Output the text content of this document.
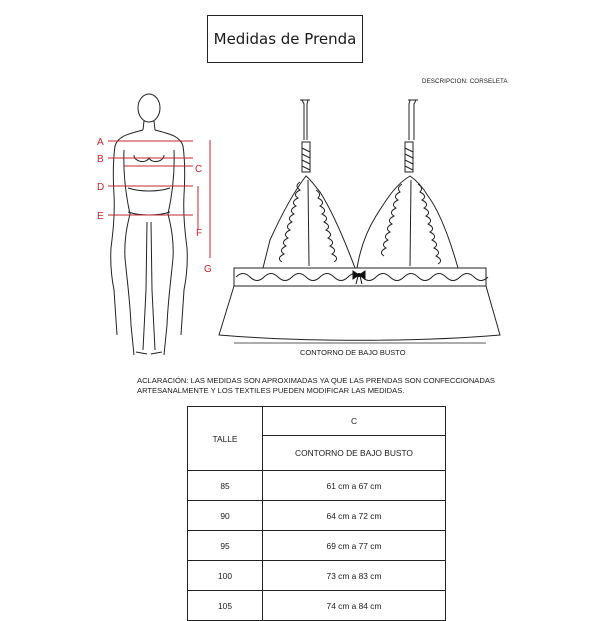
Medidas de Prenda
DESCRIPCION: CORSELETA
A
B
C
D
E
F
G
CONTORNO DE BAJO BUSTO
ACLARACIÓN: LAS MEDIDAS SON APROXIMADAS YA QUE LAS PRENDAS SON CONFECCIONADAS ARTESANALMENTE Y LOS TEXTILES PUEDEN MODIFICAR LAS MEDIDAS.
TALLE	C
	CONTORNO DE BAJO BUSTO
85	61 cm a 67 cm
90	64 cm a 72 cm
95	69 cm a 77 cm
100	73 cm a 83 cm
105	74 cm a 84 cm
